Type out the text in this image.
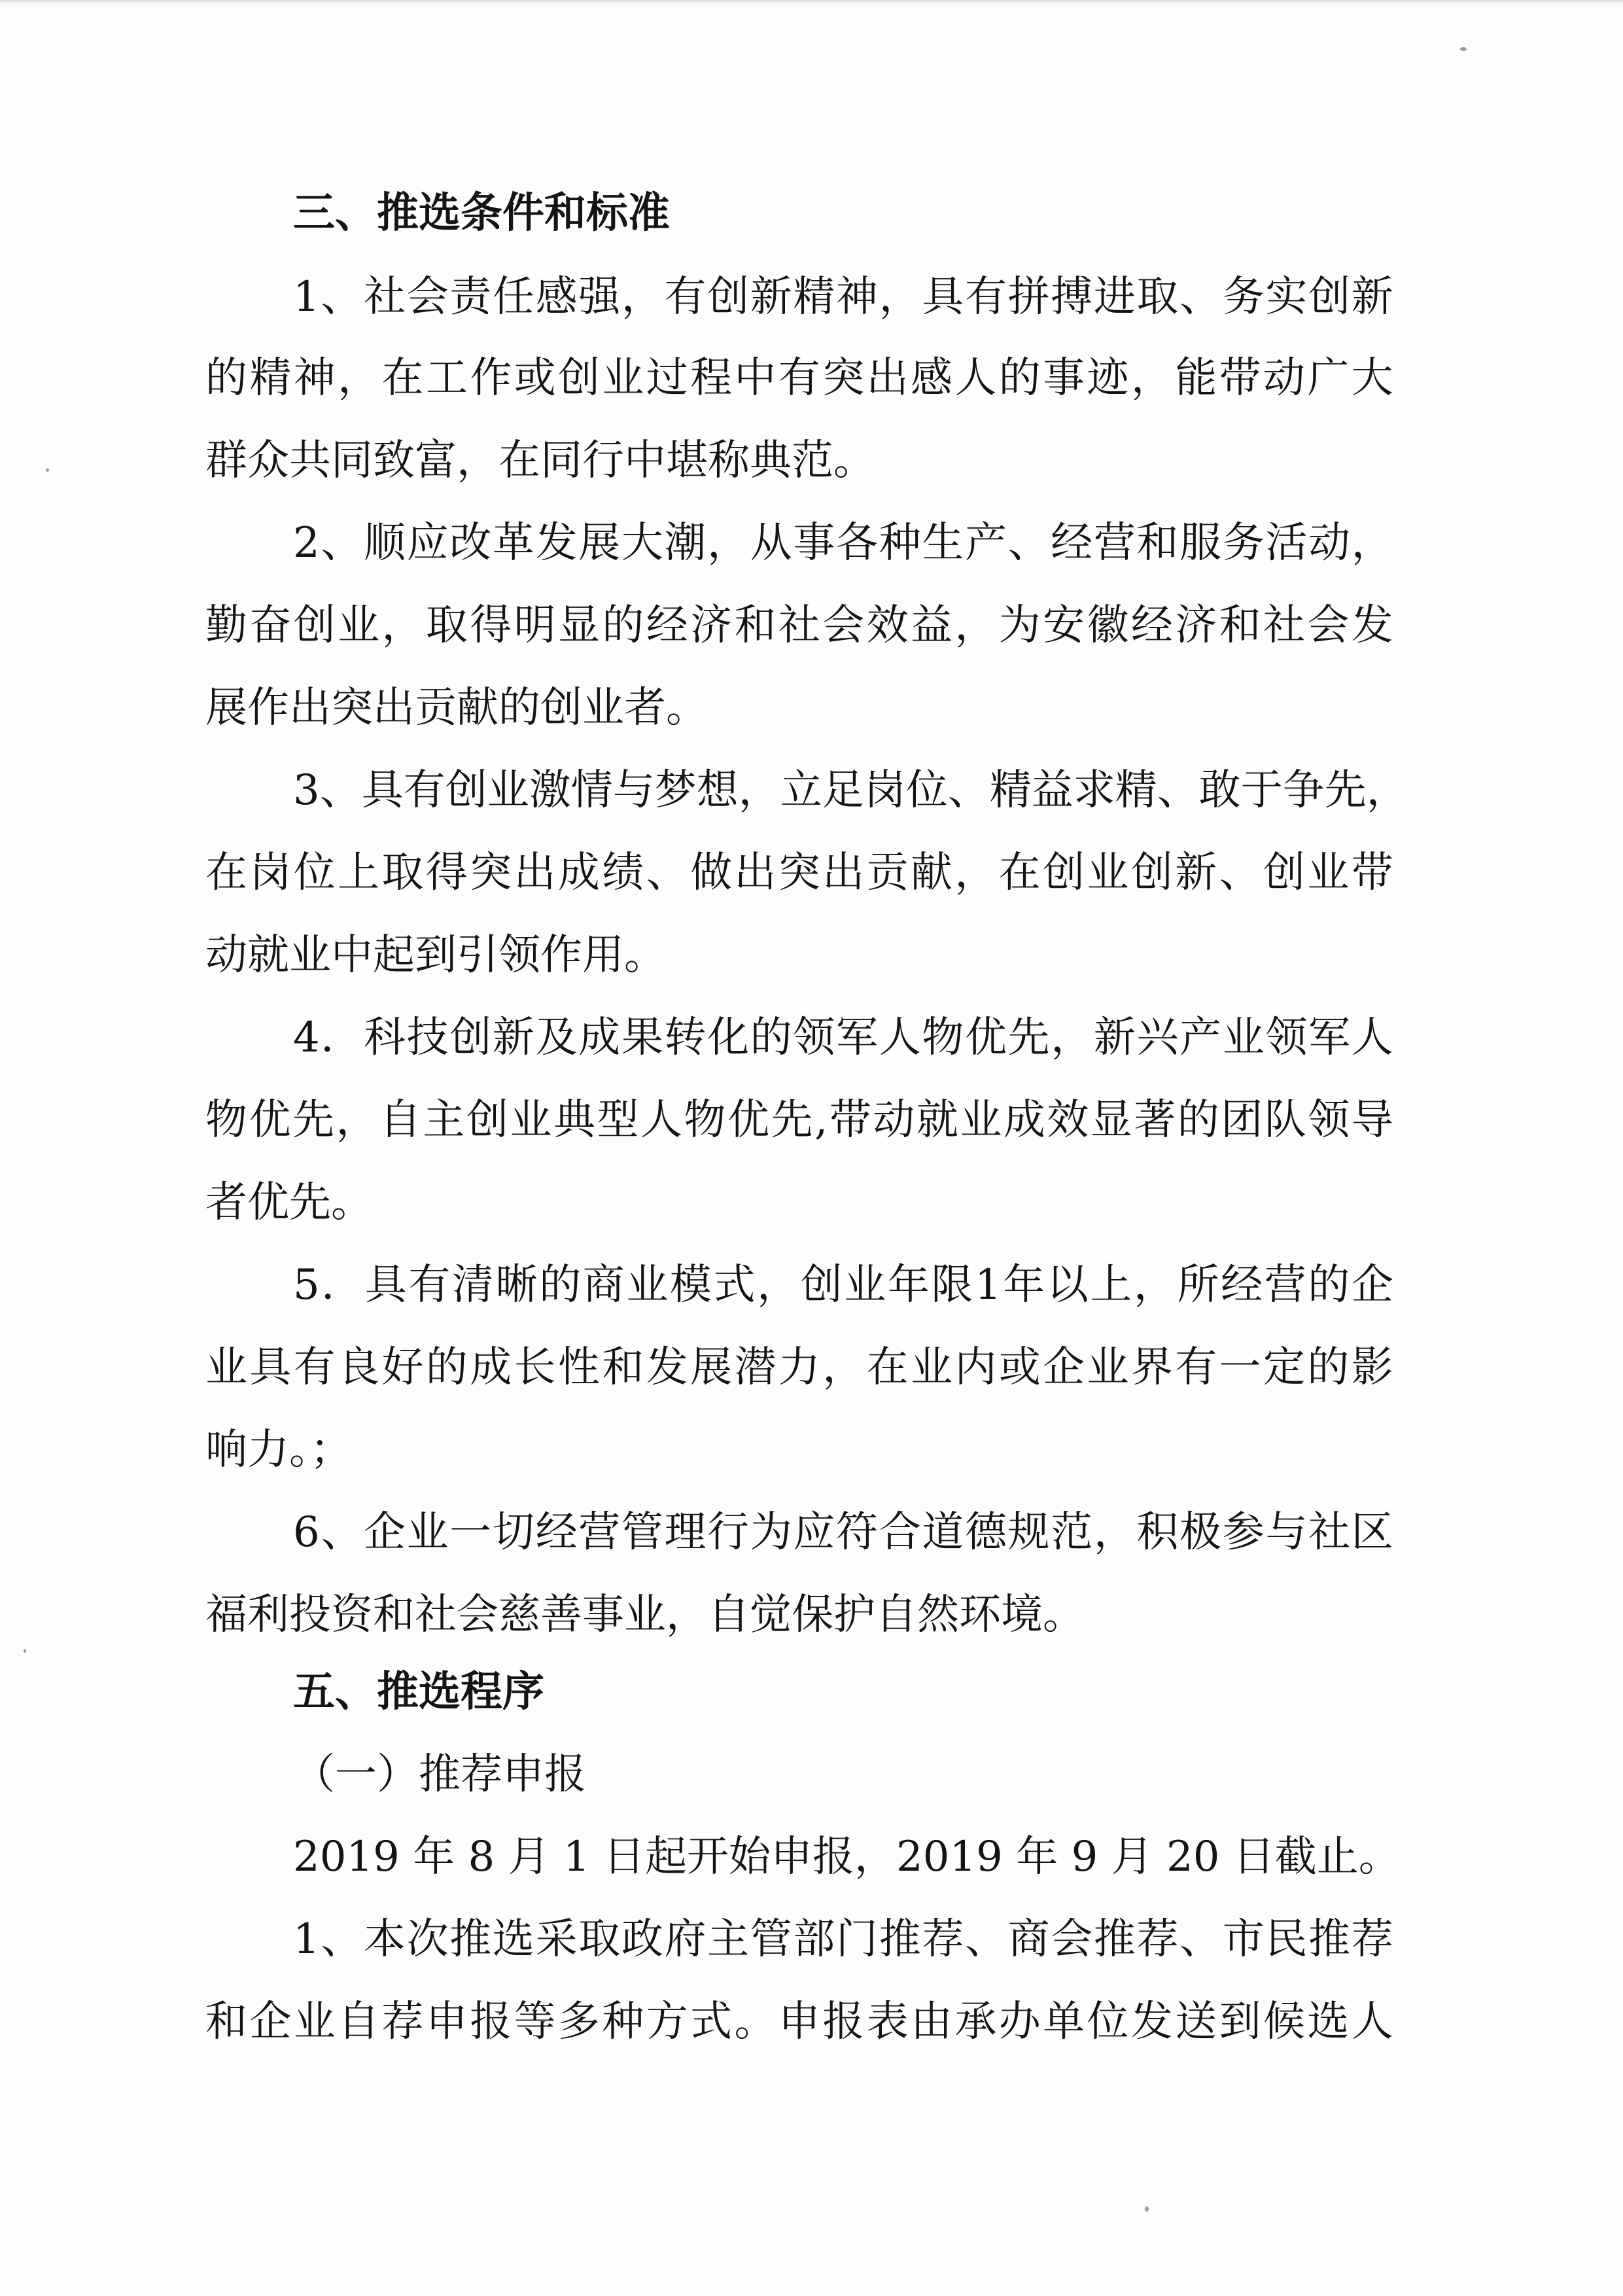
三、推选条件和标准
1 、 社 会 责 任 感 强 ， 有 创 新 精 神 ， 具 有 拼 搏 进 取 、 务 实 创 新
的 精 神 ， 在 工 作 或 创 业 过 程 中 有 突 出 感 人 的 事 迹 ， 能 带 动 广 大
群众共同致富，在同行中堪称典范。
2 、 顺 应 改 革 发 展 大 潮 ， 从 事 各 种 生 产 、 经 营 和 服 务 活 动 ，
勤 奋 创 业 ， 取 得 明 显 的 经 济 和 社 会 效 益 ， 为 安 徽 经 济 和 社 会 发
展作出突出贡献的创业者。
3 、 具 有 创 业 激 情 与 梦 想 ， 立 足 岗 位 、 精 益 求 精 、 敢 于 争 先 ，
在 岗 位 上 取 得 突 出 成 绩 、 做 出 突 出 贡 献 ， 在 创 业 创 新 、 创 业 带
动就业中起到引领作用。
4 ． 科 技 创 新 及 成 果 转 化 的 领 军 人 物 优 先 ， 新 兴 产 业 领 军 人
物 优 先 ， 自 主 创 业 典 型 人 物 优 先 , 带 动 就 业 成 效 显 著 的 团 队 领 导
者优先。
5 ． 具 有 清 晰 的 商 业 模 式 ， 创 业 年 限 1 年 以 上 ， 所 经 营 的 企
业 具 有 良 好 的 成 长 性 和 发 展 潜 力 ， 在 业 内 或 企 业 界 有 一 定 的 影
响力。；
6 、 企 业 一 切 经 营 管 理 行 为 应 符 合 道 德 规 范 ， 积 极 参 与 社 区
福利投资和社会慈善事业，自觉保护自然环境。
五、推选程序
（一）推荐申报
2019 年 8 月 1 日起开始申报，2019 年 9 月 20 日截止。
1 、 本 次 推 选 采 取 政 府 主 管 部 门 推 荐 、 商 会 推 荐 、 市 民 推 荐
和 企 业 自 荐 申 报 等 多 种 方 式 。 申 报 表 由 承 办 单 位 发 送 到 候 选 人
